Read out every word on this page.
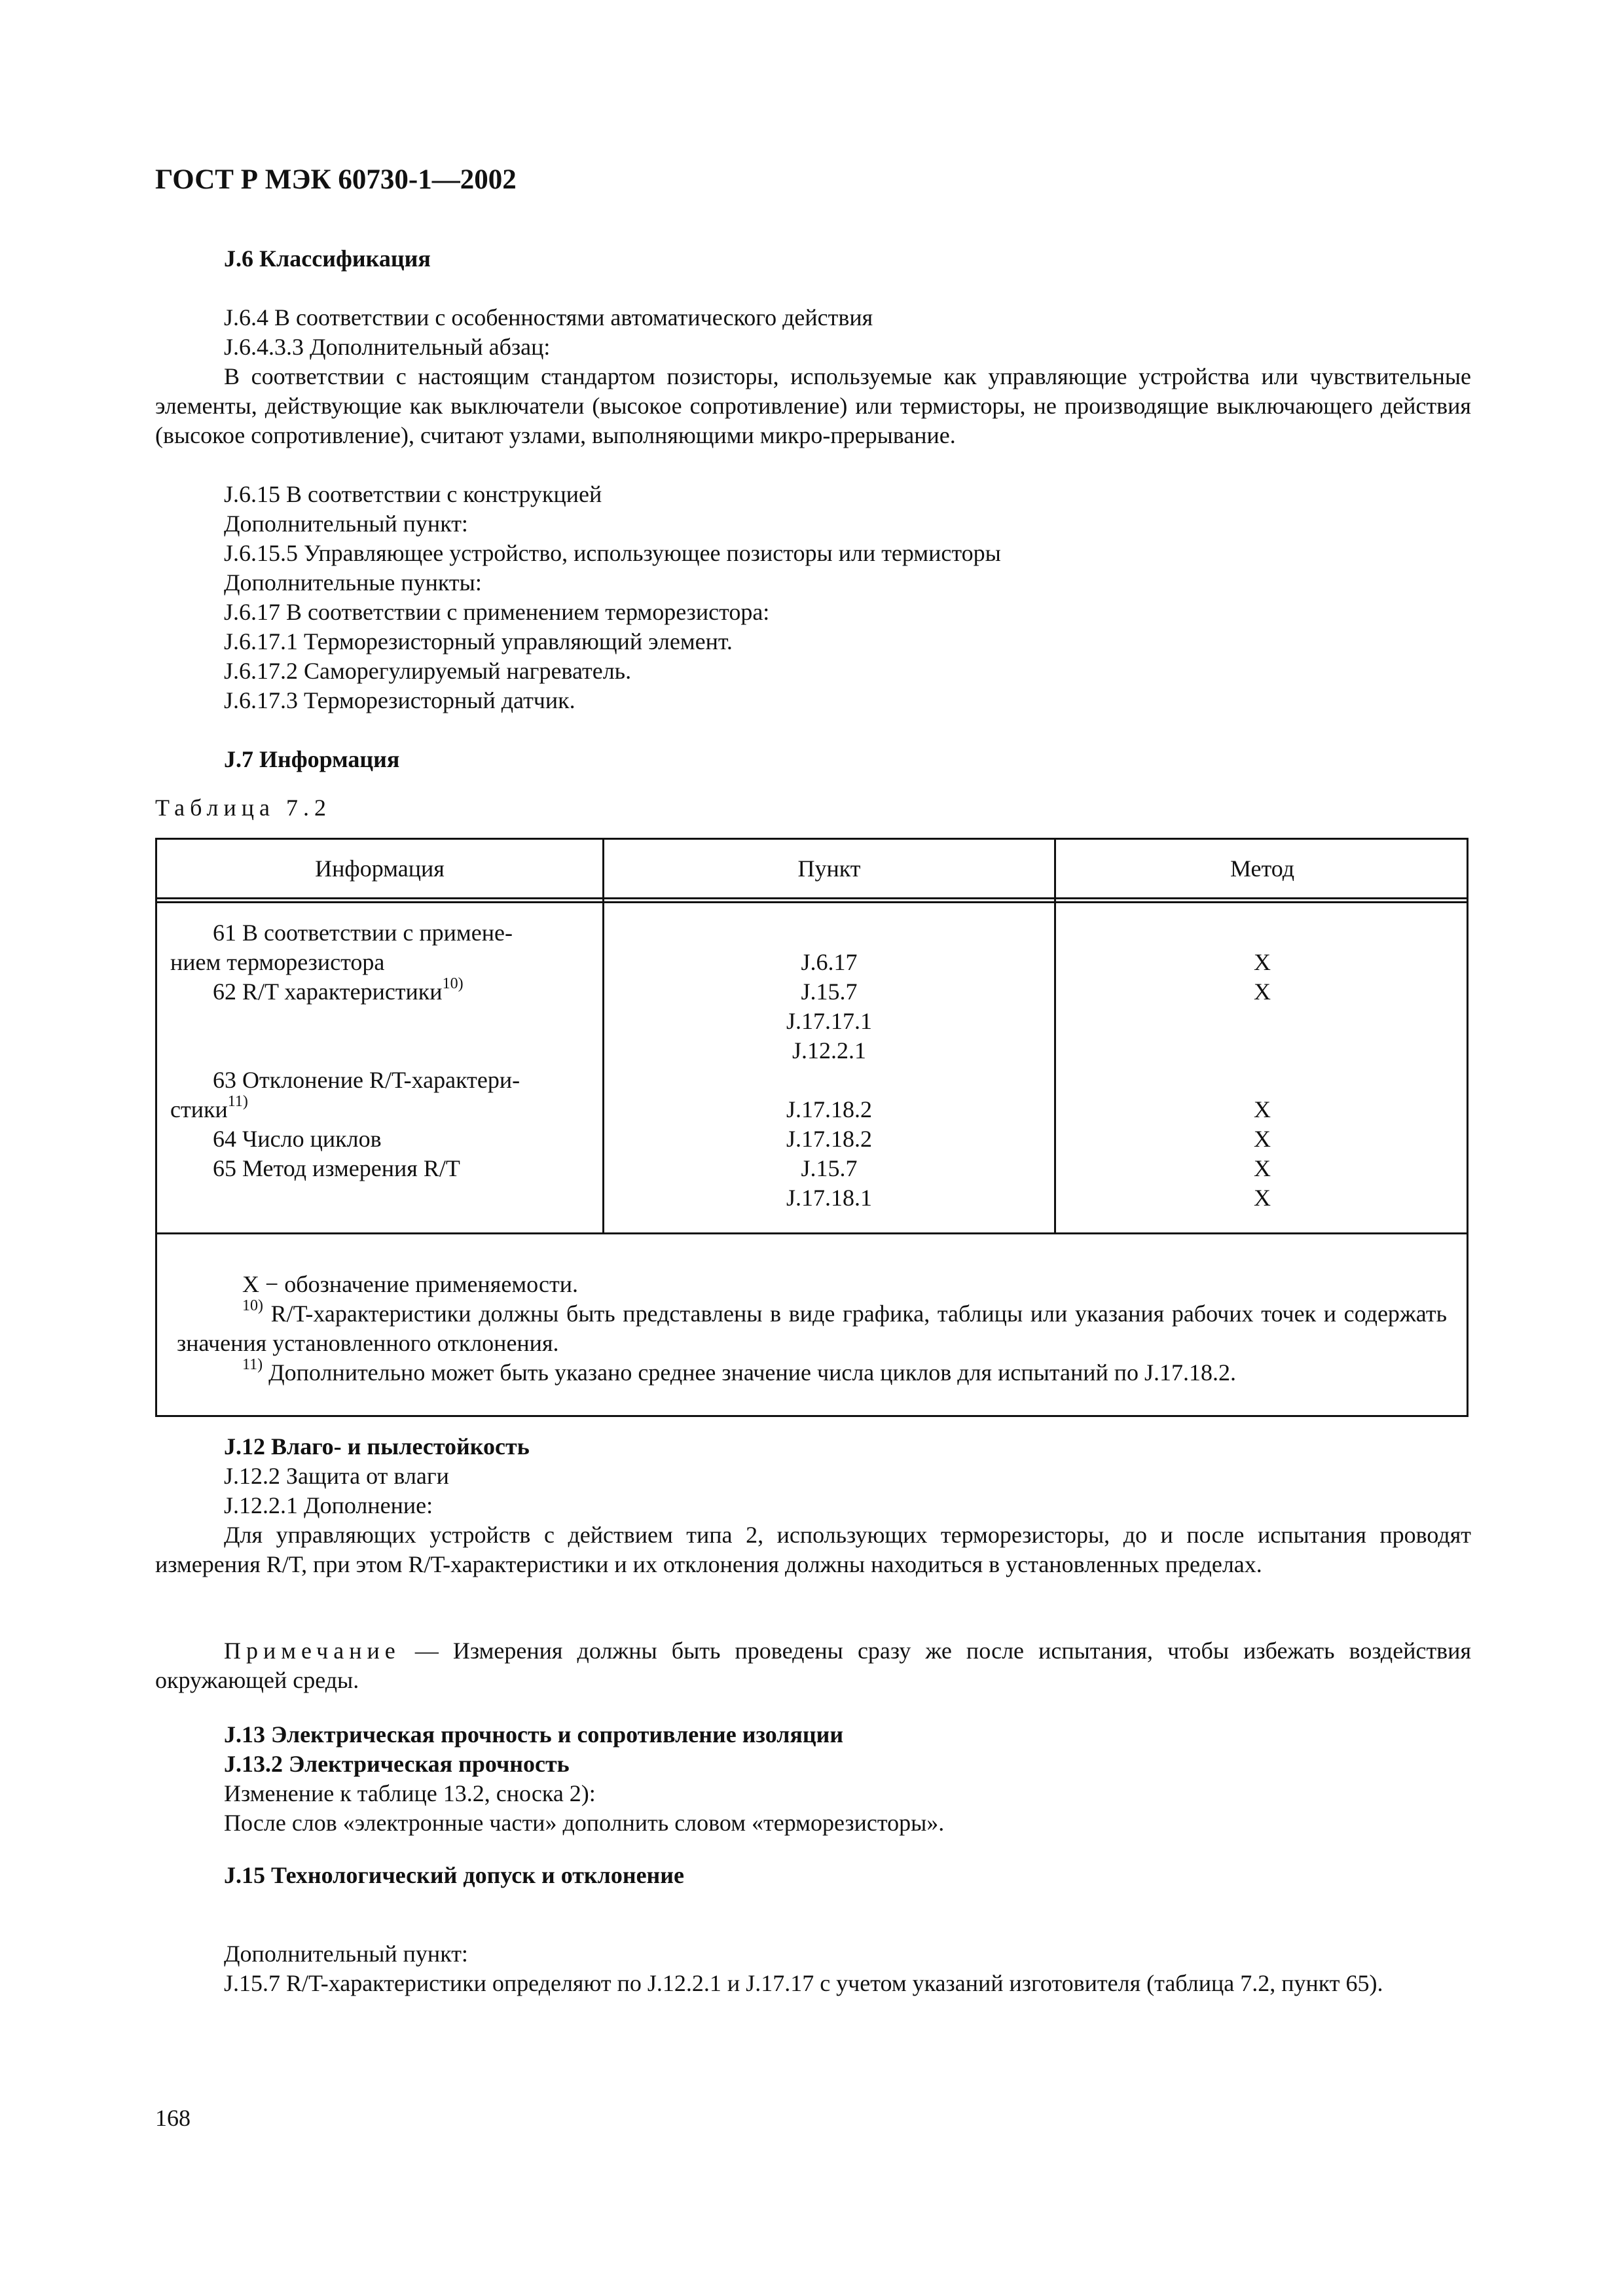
ГОСТ Р МЭК 60730-1—2002
J.6 Классификация
J.6.4 В соответствии с особенностями автоматического действия
J.6.4.3.3 Дополнительный абзац:
В соответствии с настоящим стандартом позисторы, используемые как управляющие устройства или чувствительные элементы, действующие как выключатели (высокое сопротивление) или термисторы, не производящие выключающего действия (высокое сопротивление), считают узлами, выполняющими микро-прерывание.
J.6.15 В соответствии с конструкцией
Дополнительный пункт:
J.6.15.5 Управляющее устройство, использующее позисторы или термисторы
Дополнительные пункты:
J.6.17 В соответствии с применением терморезистора:
J.6.17.1 Терморезисторный управляющий элемент.
J.6.17.2 Саморегулируемый нагреватель.
J.6.17.3 Терморезисторный датчик.
J.7 Информация
Таблица 7.2
Информация	Пункт	Метод
61 В соответствии с примене-
нием терморезистора
62 R/T характеристики$^{10)}$
63 Отклонение R/T-характери-
стики$^{11)}$
64 Число циклов
65 Метод измерения R/T
J.6.17
J.15.7
J.17.17.1
J.12.2.1
J.17.18.2
J.17.18.2
J.15.7
J.17.18.1
X
X
X
X
X
X
X − обозначение применяемости.
$^{10)}$ R/T-характеристики должны быть представлены в виде графика, таблицы или указания рабочих точек и содержать значения установленного отклонения.
$^{11)}$ Дополнительно может быть указано среднее значение числа циклов для испытаний по J.17.18.2.
J.12 Влаго- и пылестойкость
J.12.2 Защита от влаги
J.12.2.1 Дополнение:
Для управляющих устройств с действием типа 2, использующих терморезисторы, до и после испытания проводят измерения R/T, при этом R/T-характеристики и их отклонения должны находиться в установленных пределах.
Примечание — Измерения должны быть проведены сразу же после испытания, чтобы избежать воздействия окружающей среды.
J.13 Электрическая прочность и сопротивление изоляции
J.13.2 Электрическая прочность
Изменение к таблице 13.2, сноска 2):
После слов «электронные части» дополнить словом «терморезисторы».
J.15 Технологический допуск и отклонение
Дополнительный пункт:
J.15.7 R/T-характеристики определяют по J.12.2.1 и J.17.17 с учетом указаний изготовителя (таблица 7.2, пункт 65).
168
